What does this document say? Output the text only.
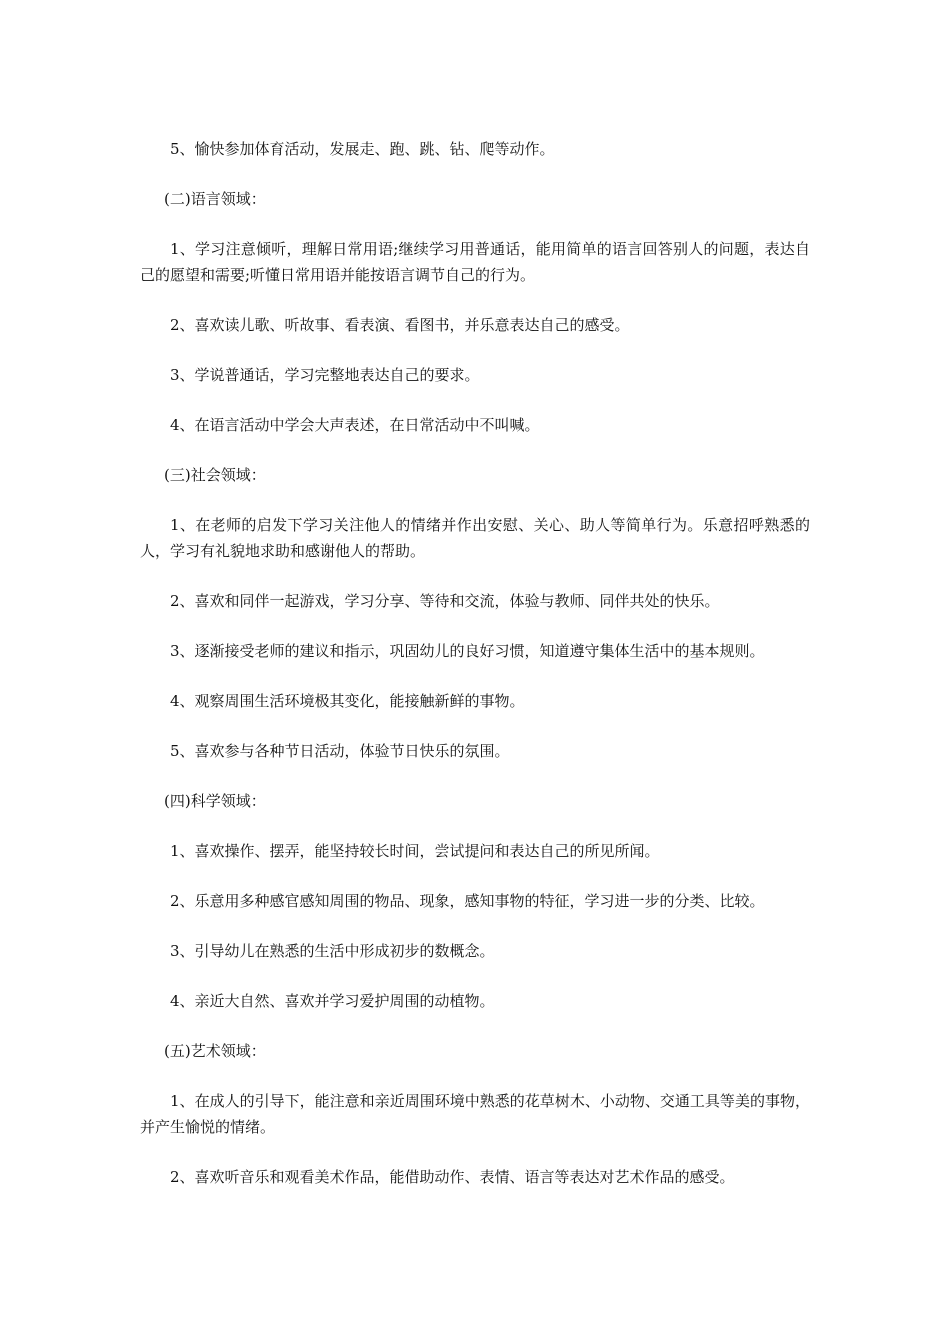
5、愉快参加体育活动，发展走、跑、跳、钻、爬等动作。

(二)语言领域：

1、学习注意倾听，理解日常用语;继续学习用普通话，能用简单的语言回答别人的问题，表达自己的愿望和需要;听懂日常用语并能按语言调节自己的行为。

2、喜欢读儿歌、听故事、看表演、看图书，并乐意表达自己的感受。

3、学说普通话，学习完整地表达自己的要求。

4、在语言活动中学会大声表述，在日常活动中不叫喊。

(三)社会领域：

1、在老师的启发下学习关注他人的情绪并作出安慰、关心、助人等简单行为。乐意招呼熟悉的人，学习有礼貌地求助和感谢他人的帮助。

2、喜欢和同伴一起游戏，学习分享、等待和交流，体验与教师、同伴共处的快乐。

3、逐渐接受老师的建议和指示，巩固幼儿的良好习惯，知道遵守集体生活中的基本规则。

4、观察周围生活环境极其变化，能接触新鲜的事物。

5、喜欢参与各种节日活动，体验节日快乐的氛围。

(四)科学领域：

1、喜欢操作、摆弄，能坚持较长时间，尝试提问和表达自己的所见所闻。

2、乐意用多种感官感知周围的物品、现象，感知事物的特征，学习进一步的分类、比较。

3、引导幼儿在熟悉的生活中形成初步的数概念。

4、亲近大自然、喜欢并学习爱护周围的动植物。

(五)艺术领域：

1、在成人的引导下，能注意和亲近周围环境中熟悉的花草树木、小动物、交通工具等美的事物，并产生愉悦的情绪。

2、喜欢听音乐和观看美术作品，能借助动作、表情、语言等表达对艺术作品的感受。
